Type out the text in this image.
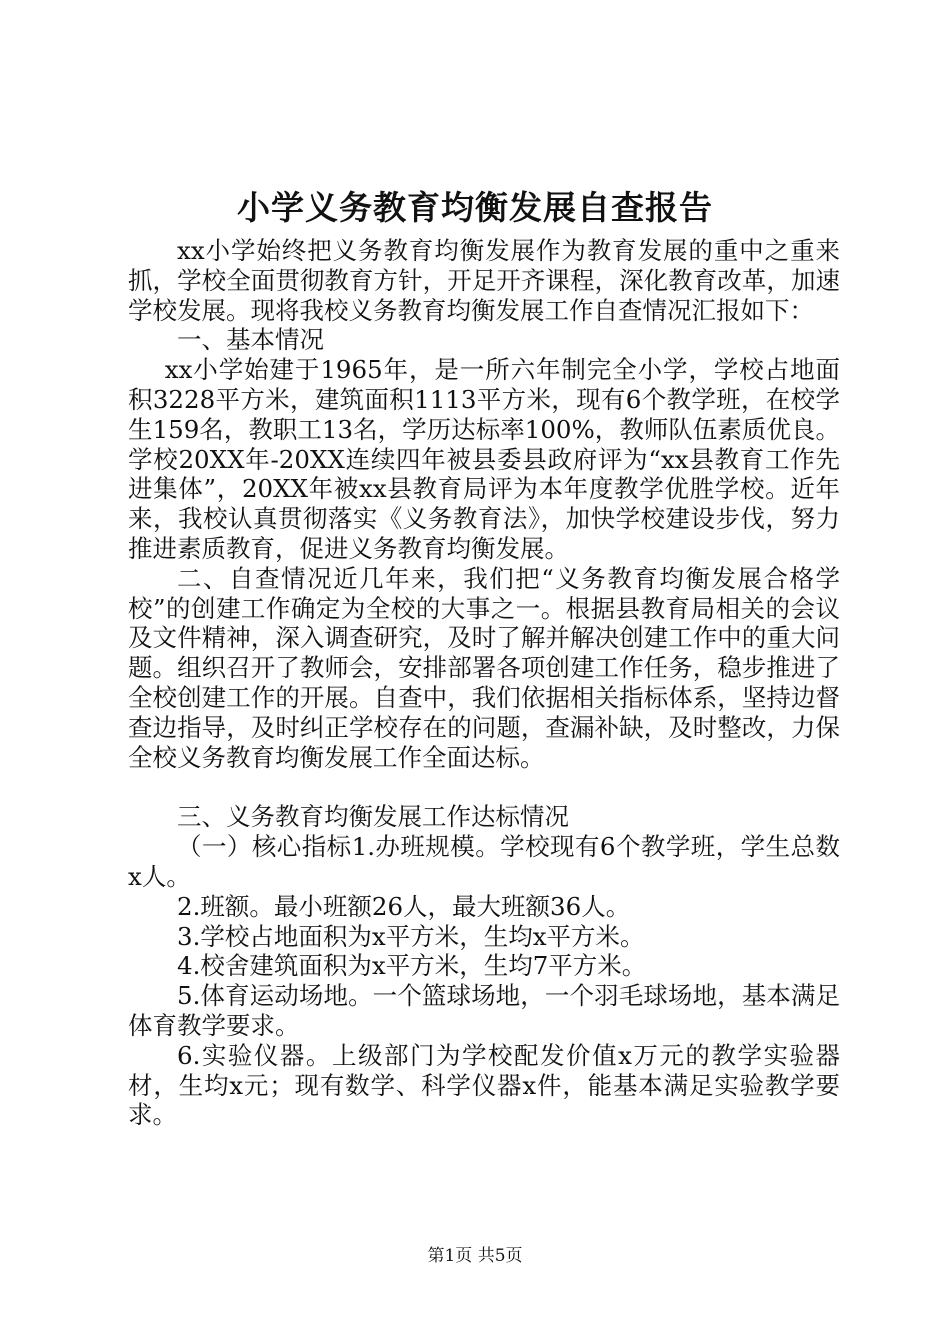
小学义务教育均衡发展自查报告

xx小学始终把义务教育均衡发展作为教育发展的重中之重来抓，学校全面贯彻教育方针，开足开齐课程，深化教育改革，加速学校发展。现将我校义务教育均衡发展工作自查情况汇报如下：

一、基本情况

xx小学始建于1965年，是一所六年制完全小学，学校占地面积3228平方米，建筑面积1113平方米，现有6个教学班，在校学生159名，教职工13名，学历达标率100%，教师队伍素质优良。学校20XX年-20XX连续四年被县委县政府评为“xx县教育工作先进集体”，20XX年被xx县教育局评为本年度教学优胜学校。近年来，我校认真贯彻落实《义务教育法》，加快学校建设步伐，努力推进素质教育，促进义务教育均衡发展。

二、自查情况近几年来，我们把“义务教育均衡发展合格学校”的创建工作确定为全校的大事之一。根据县教育局相关的会议及文件精神，深入调查研究，及时了解并解决创建工作中的重大问题。组织召开了教师会，安排部署各项创建工作任务，稳步推进了全校创建工作的开展。自查中，我们依据相关指标体系，坚持边督查边指导，及时纠正学校存在的问题，查漏补缺，及时整改，力保全校义务教育均衡发展工作全面达标。

三、义务教育均衡发展工作达标情况

（一）核心指标1.办班规模。学校现有6个教学班，学生总数x人。

2.班额。最小班额26人，最大班额36人。

3.学校占地面积为x平方米，生均x平方米。

4.校舍建筑面积为x平方米，生均7平方米。

5.体育运动场地。一个篮球场地，一个羽毛球场地，基本满足体育教学要求。

6.实验仪器。上级部门为学校配发价值x万元的教学实验器材，生均x元；现有数学、科学仪器x件，能基本满足实验教学要求。

第1页 共5页
